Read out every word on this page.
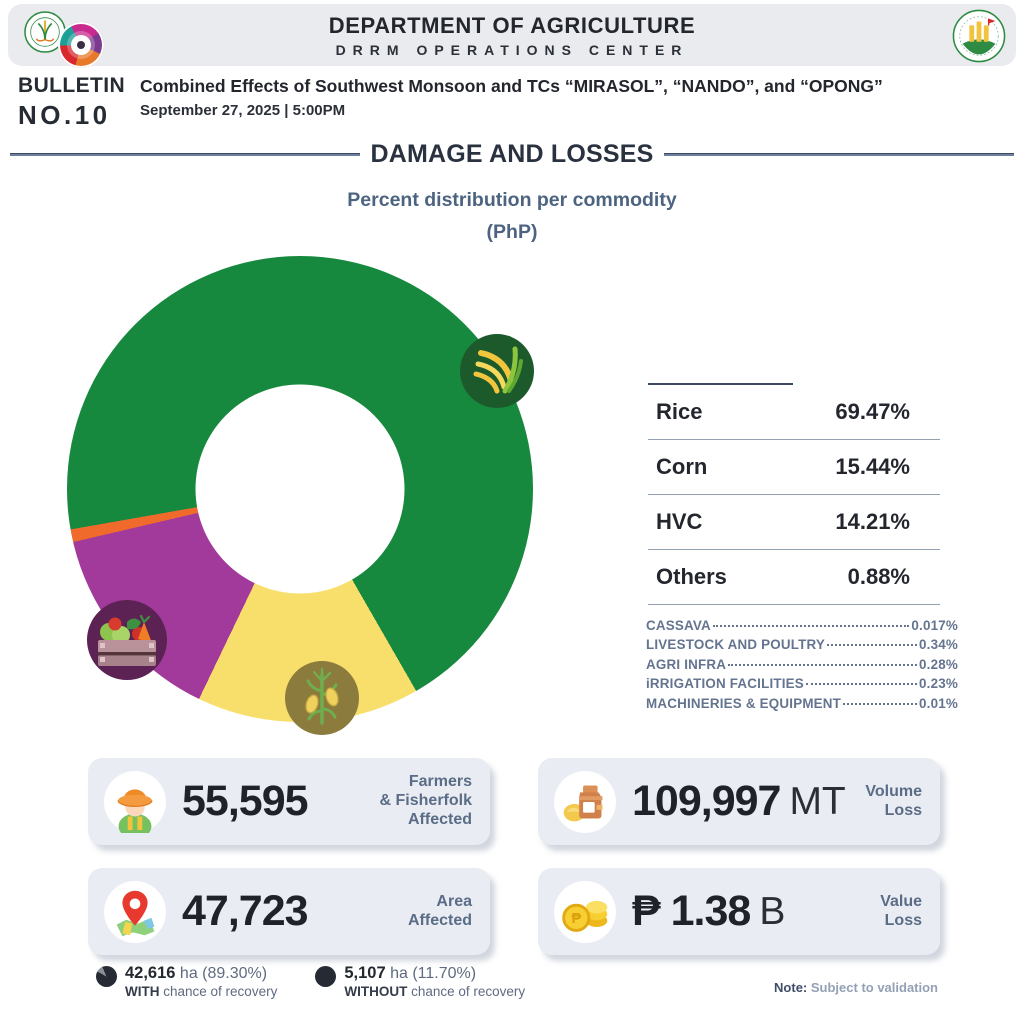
DEPARTMENT OF AGRICULTURE
DRRM OPERATIONS CENTER
BULLETIN
NO.10
Combined Effects of Southwest Monsoon and TCs “MIRASOL”, “NANDO”, and “OPONG”
September 27, 2025 | 5:00PM
DAMAGE AND LOSSES
Percent distribution per commodity
(PhP)
Rice	69.47%
Corn	15.44%
HVC	14.21%
Others	0.88%
CASSAVA	0.017%
LIVESTOCK AND POULTRY	0.34%
AGRI INFRA	0.28%
iRRIGATION FACILITIES	0.23%
MACHINERIES & EQUIPMENT	0.01%
55,595	Farmers
& Fisherfolk
Affected	109,997 MT Volume
Loss
47,723	Area
Affected	₱ ₱ 1.38 B	Value
Loss
42,616 ha (89.30%)
WITH chance of recovery
5,107 ha (11.70%)
WITHOUT chance of recovery	Note: Subject to validation
